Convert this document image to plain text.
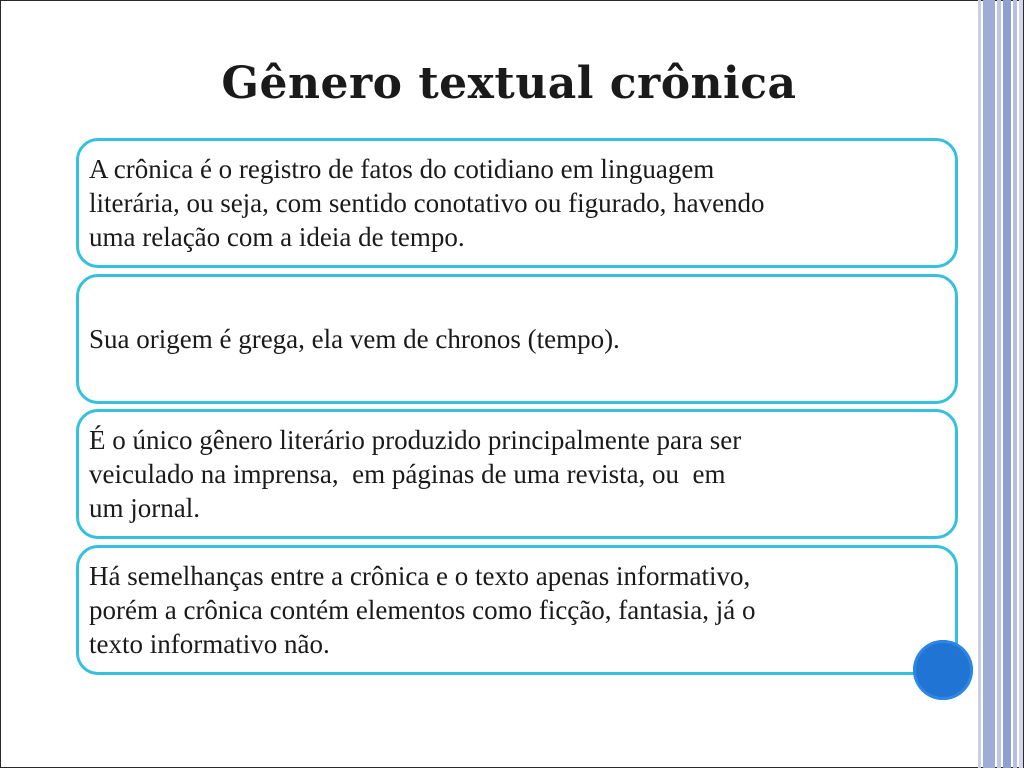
Gênero textual crônica

A crônica é o registro de fatos do cotidiano em linguagem
literária, ou seja, com sentido conotativo ou figurado, havendo
uma relação com a ideia de tempo.

Sua origem é grega, ela vem de chronos (tempo).

É o único gênero literário produzido principalmente para ser
veiculado na imprensa,  em páginas de uma revista, ou  em
um jornal.

Há semelhanças entre a crônica e o texto apenas informativo,
porém a crônica contém elementos como ficção, fantasia, já o
texto informativo não.
